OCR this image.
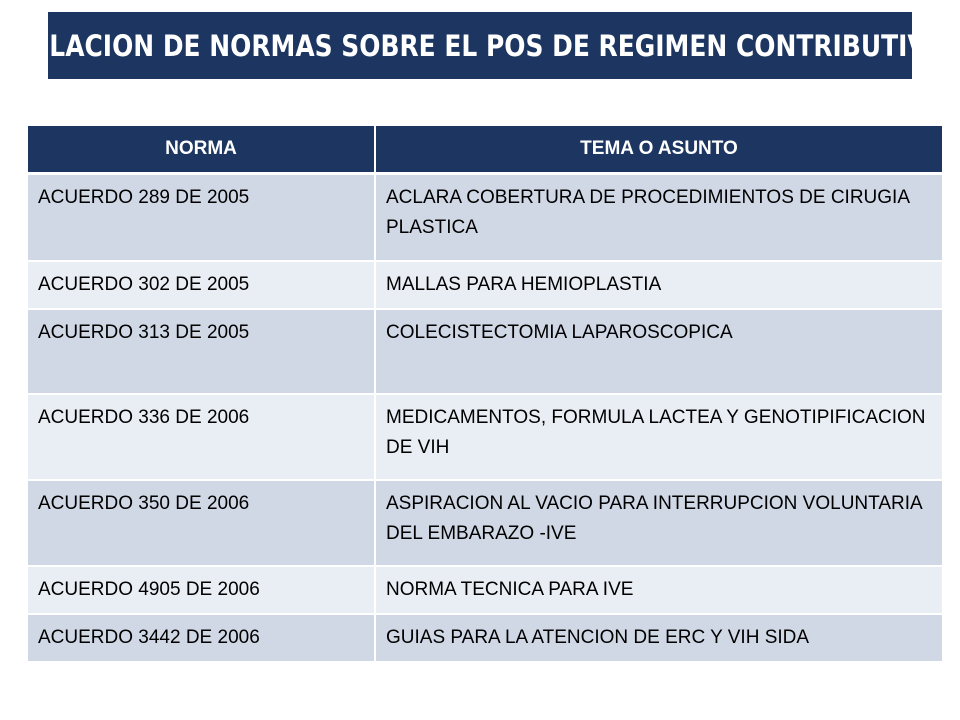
RELACION DE NORMAS SOBRE EL POS DE REGIMEN CONTRIBUTIVO
NORMA	TEMA O ASUNTO
ACUERDO 289 DE 2005	ACLARA COBERTURA DE PROCEDIMIENTOS DE CIRUGIA PLASTICA
ACUERDO 302 DE 2005	MALLAS PARA HEMIOPLASTIA
ACUERDO 313 DE 2005	COLECISTECTOMIA LAPAROSCOPICA
ACUERDO 336 DE 2006	MEDICAMENTOS, FORMULA LACTEA Y GENOTIPIFICACION DE VIH
ACUERDO 350 DE 2006	ASPIRACION AL VACIO PARA INTERRUPCION VOLUNTARIA DEL EMBARAZO -IVE
ACUERDO 4905 DE 2006	NORMA TECNICA PARA IVE
ACUERDO 3442 DE 2006	GUIAS PARA LA ATENCION DE ERC Y VIH SIDA
